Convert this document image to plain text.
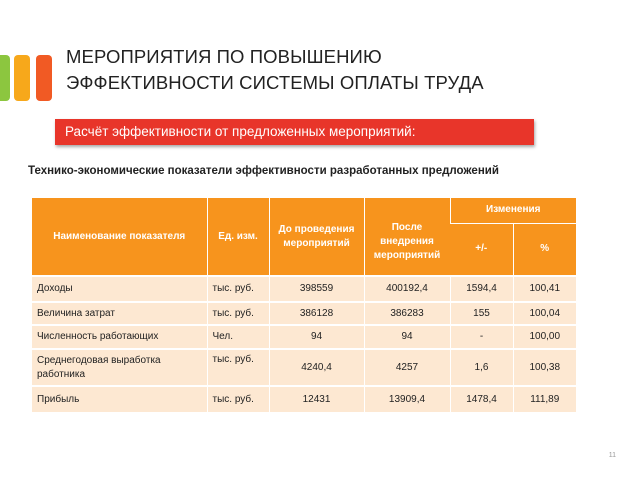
МЕРОПРИЯТИЯ ПО ПОВЫШЕНИЮ
ЭФФЕКТИВНОСТИ СИСТЕМЫ ОПЛАТЫ ТРУДА
Расчёт эффективности от предложенных мероприятий:
Технико-экономические показатели эффективности разработанных предложений
Наименование показателя	Ед. изм.	До проведения мероприятий	После внедрения мероприятий	Изменения	
				+/-	%
Доходы	тыс. руб.	398559	400192,4	1594,4	100,41
Величина затрат	тыс. руб.	386128	386283	155	100,04
Численность работающих	Чел.	94	94	-	100,00
Среднегодовая выработка работника	тыс. руб.	4240,4	4257	1,6	100,38
Прибыль	тыс. руб.	12431	13909,4	1478,4	111,89
11
